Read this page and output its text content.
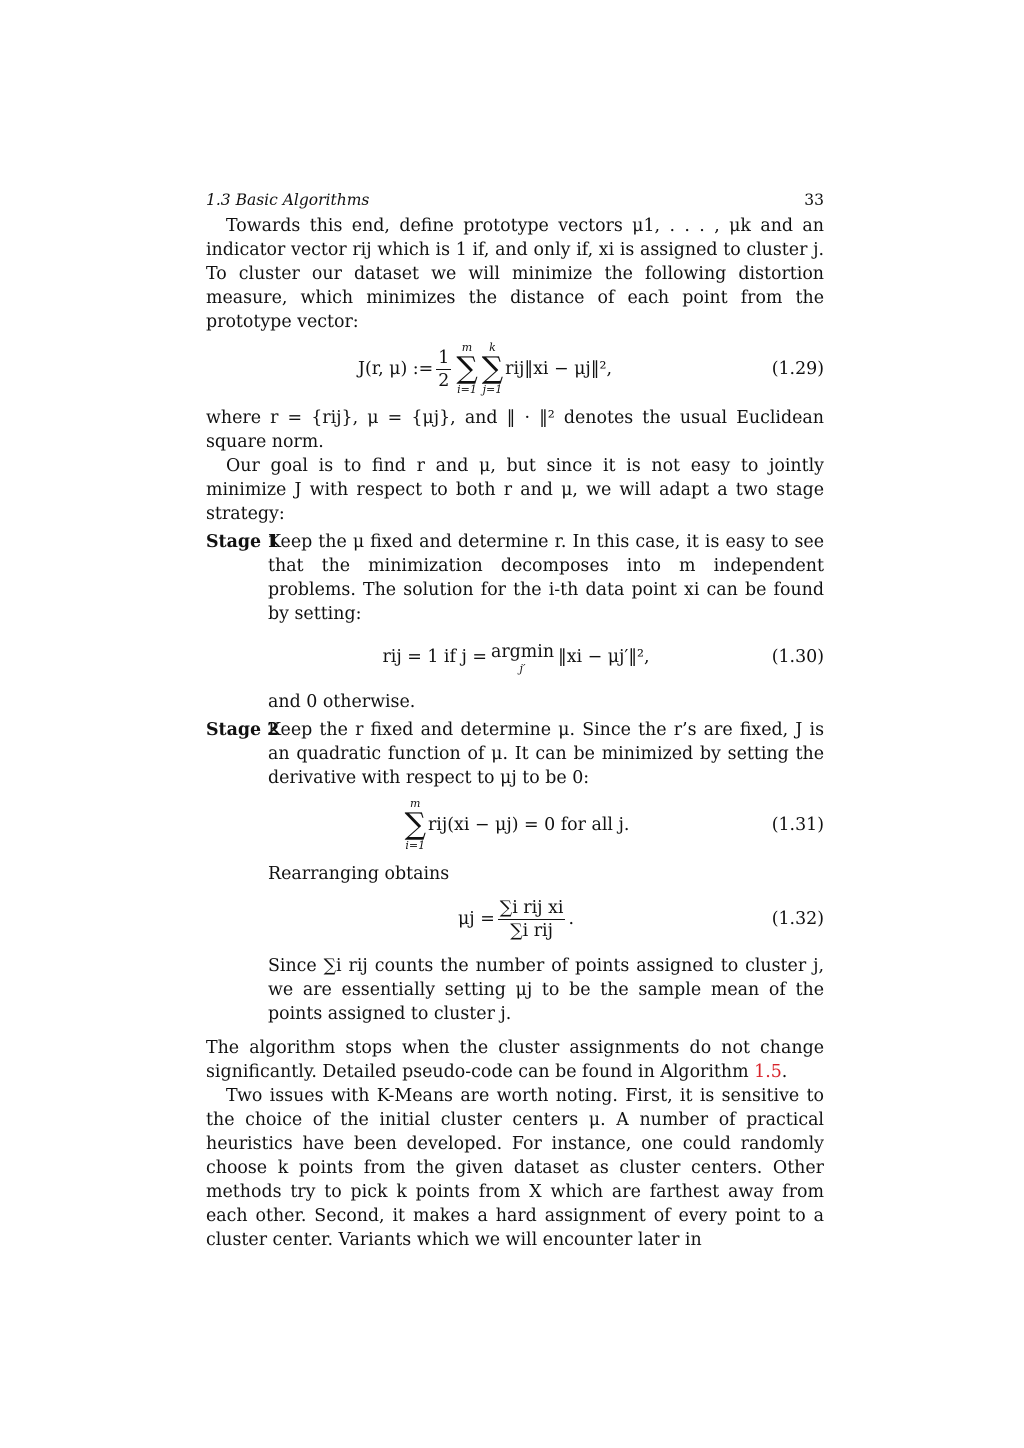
1.3 Basic Algorithms	33

Towards this end, define prototype vectors μ1, . . . , μk and an indicator vector rij which is 1 if, and only if, xi is assigned to cluster j. To cluster our dataset we will minimize the following distortion measure, which minimizes the distance of each point from the prototype vector:

J(r, μ) := $\frac{1}{2}$ m
∑
i=1
k
∑
j=1
rij‖xi − μj‖²,	(1.29)

where r = {rij}, μ = {μj}, and ‖ · ‖² denotes the usual Euclidean square norm.

Our goal is to find r and μ, but since it is not easy to jointly minimize J with respect to both r and μ, we will adapt a two stage strategy:

Stage 1
Keep the μ fixed and determine r. In this case, it is easy to see that the minimization decomposes into m independent problems. The solution for the i-th data point xi can be found by setting:
rij = 1 if j = argmin
j′
‖xi − μj′‖²,	(1.30)

and 0 otherwise.

Stage 2
Keep the r fixed and determine μ. Since the r’s are fixed, J is an quadratic function of μ. It can be minimized by setting the derivative with respect to μj to be 0:
m
∑
i=1
rij(xi − μj) = 0 for all j.	(1.31)

Rearranging obtains

$\mu j = \frac{\text{∑i rij xi}}{\text{∑i rij}}$ .	(1.32)

Since ∑i rij counts the number of points assigned to cluster j, we are essentially setting μj to be the sample mean of the points assigned to cluster j.

The algorithm stops when the cluster assignments do not change significantly. Detailed pseudo-code can be found in Algorithm 1.5.

Two issues with K-Means are worth noting. First, it is sensitive to the choice of the initial cluster centers μ. A number of practical heuristics have been developed. For instance, one could randomly choose k points from the given dataset as cluster centers. Other methods try to pick k points from X which are farthest away from each other. Second, it makes a hard assignment of every point to a cluster center. Variants which we will encounter later in
